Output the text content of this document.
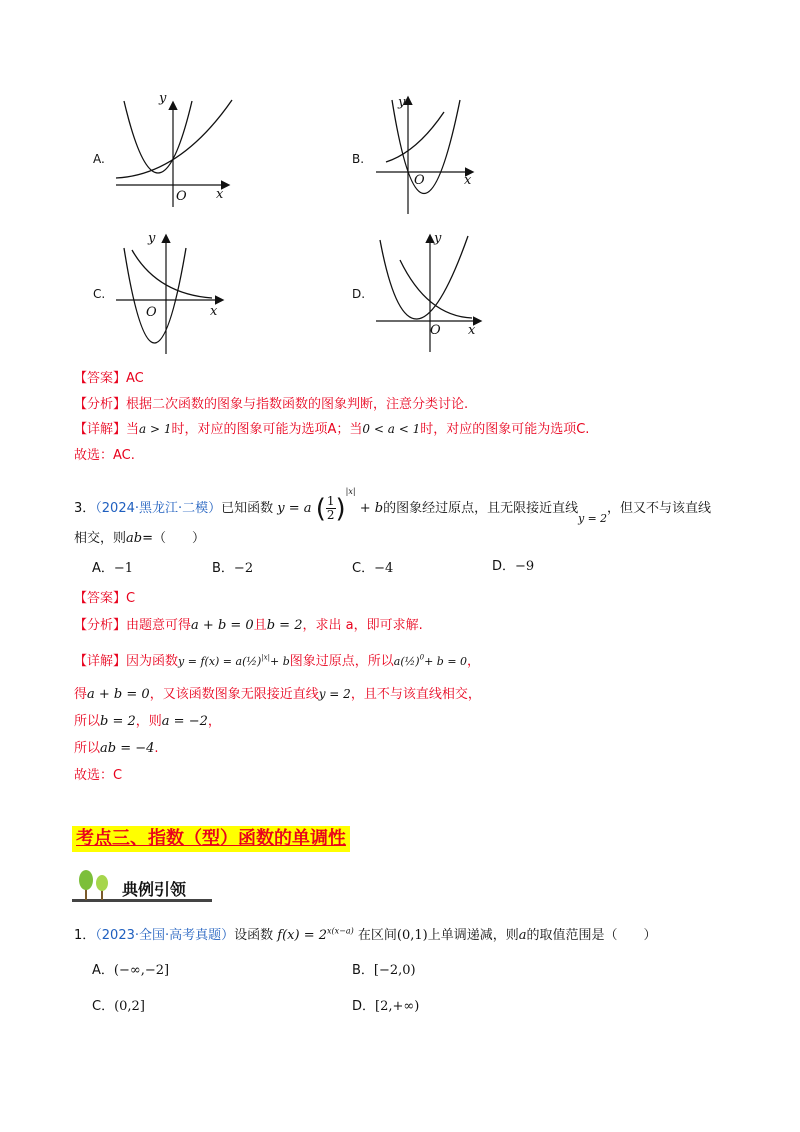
A.
y
x
O
B.
y
x
O
C.
y
x
O
D.
y
x
O
【答案】AC
【分析】根据二次函数的图象与指数函数的图象判断，注意分类讨论.
【详解】当a > 1时，对应的图象可能为选项A；当0 < a < 1时，对应的图象可能为选项C.
故选：AC.
3．（2024·黑龙江·二模）已知函数 y = a ( $\frac{1}{2} )^{|x|} + b$的图象经过原点，且无限接近直线$_{y = 2}$，但又不与该直线
相交，则ab=（　　）
A．−1	B．−2	C．−4	D．−9
【答案】C
【分析】由题意可得a + b = 0且b = 2，求出 a，即可求解.
【详解】因为函数y = f(x) = a(½)$^{|x|}$+ b图象过原点，所以a(½)$^0$+ b = 0，
得a + b = 0，又该函数图象无限接近直线y = 2，且不与该直线相交，
所以b = 2，则a = −2，
所以ab = −4.
故选：C
考点三、指数（型）函数的单调性
典例引领
1．（2023·全国·高考真题）设函数 $f(x) = 2^{x(x-a)}$ 在区间(0,1)上单调递减，则a的取值范围是（　　）
A．(−∞,−2]	B．[−2,0)
C．(0,2]	D．[2,+∞)
